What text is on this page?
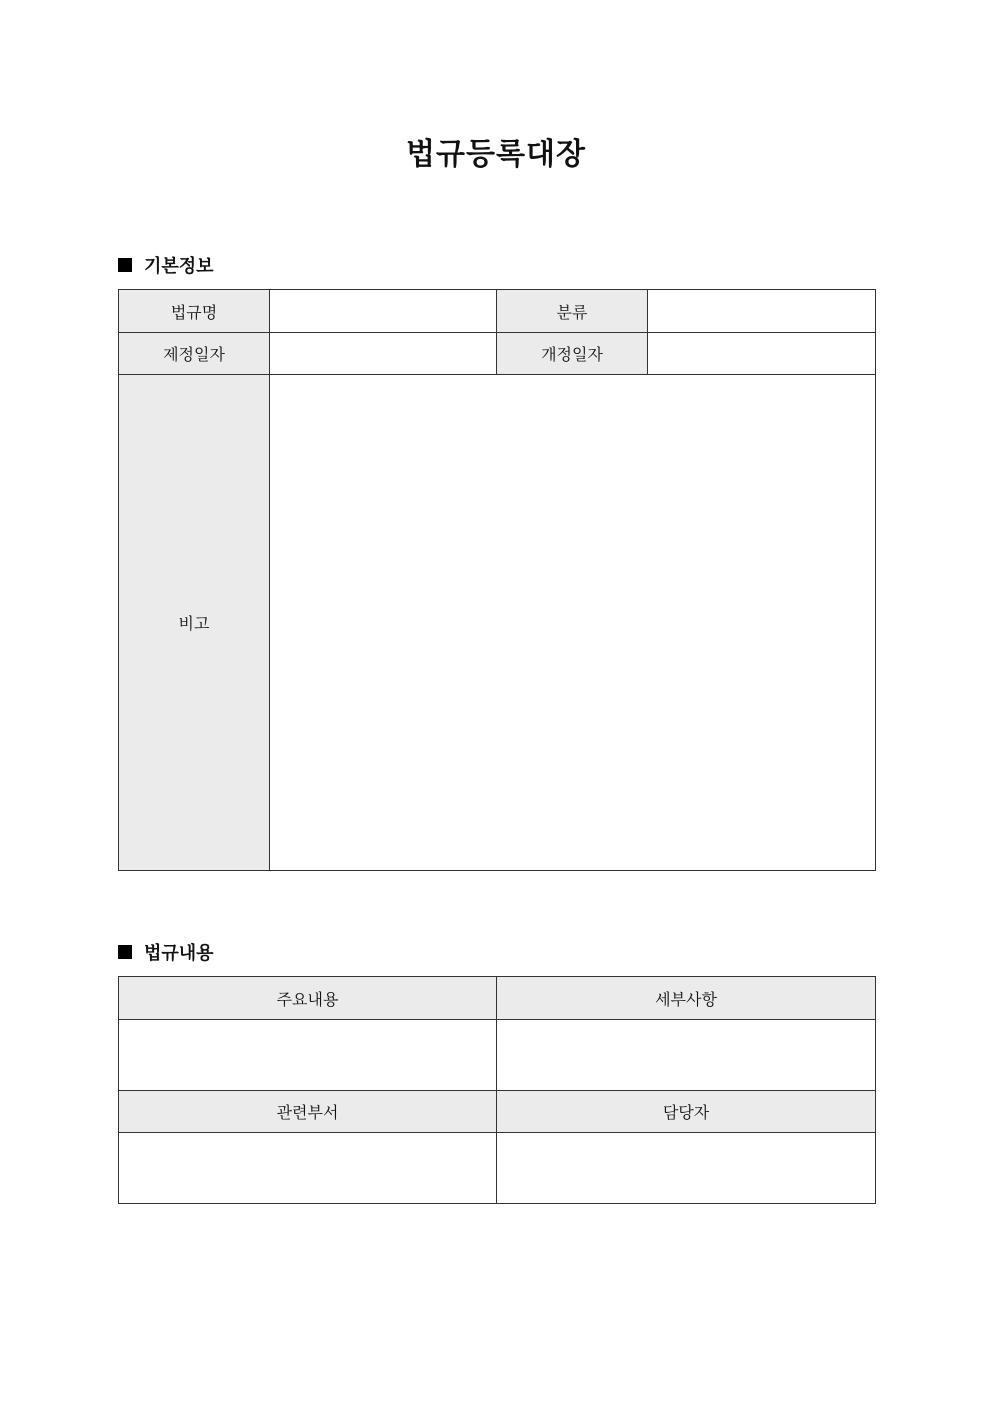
법규등록대장
기본정보
법규명		분류	
제정일자		개정일자	
비고			
법규내용
주요내용	세부사항

관련부서	담당자
